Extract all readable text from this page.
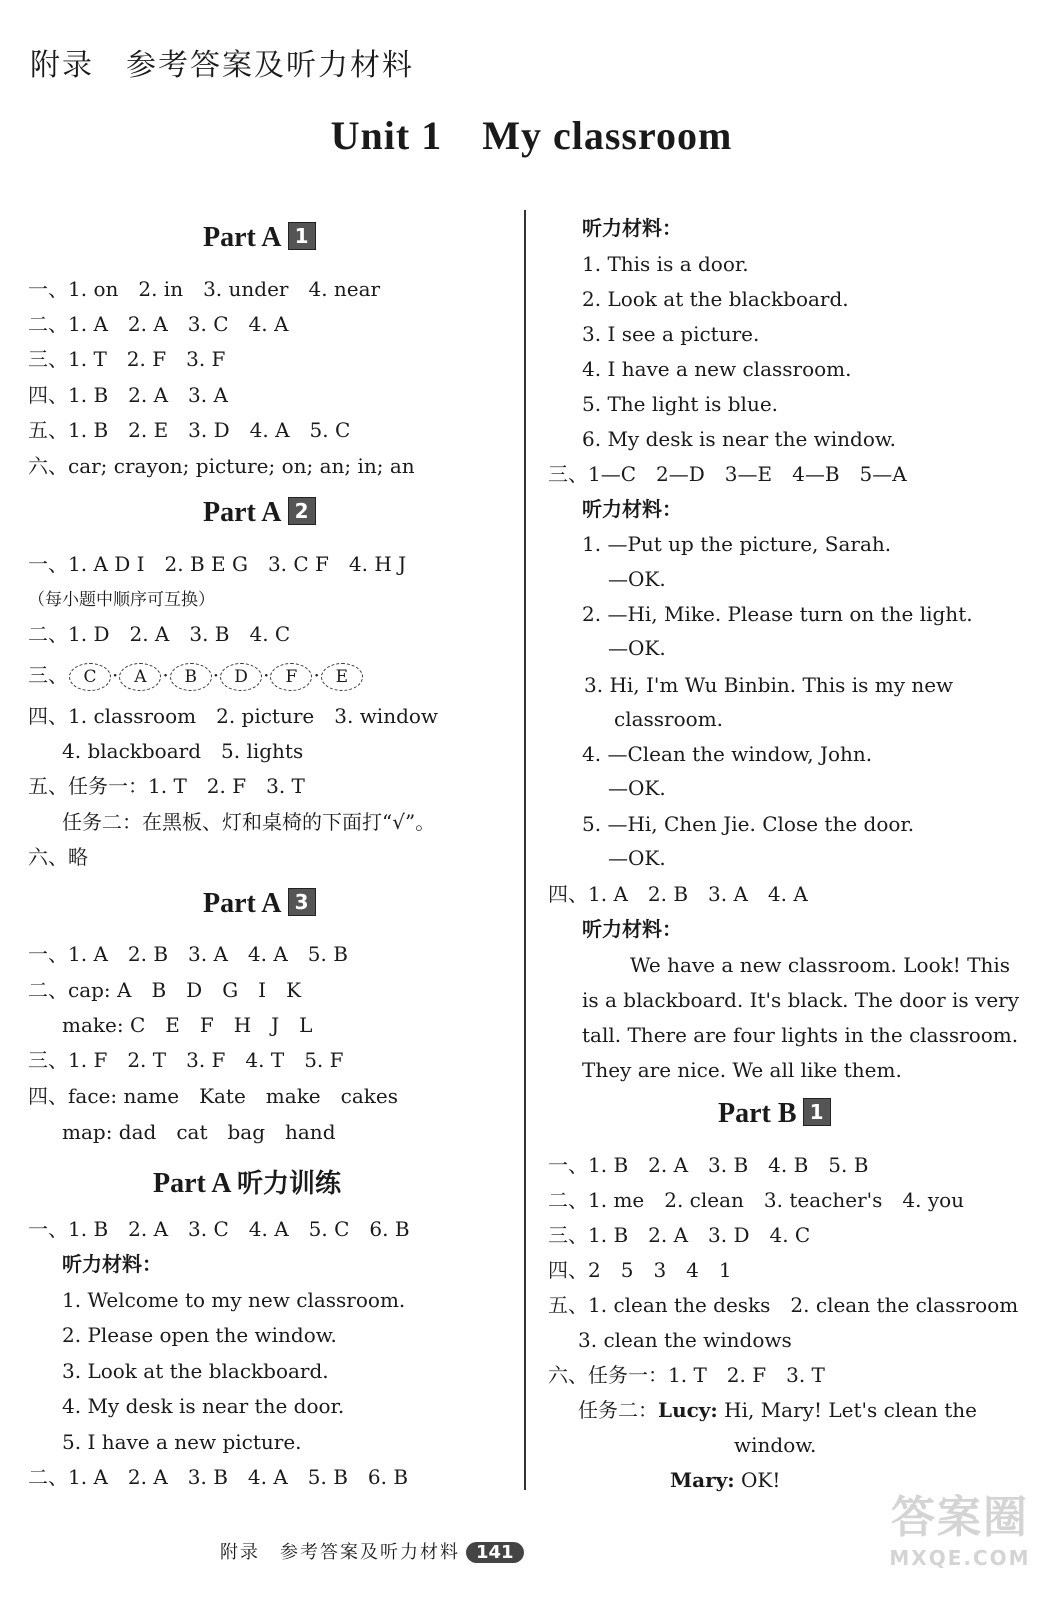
附录　参考答案及听力材料
Unit 1 My classroom
Part A 1
一、1. on　2. in　3. under　4. near
二、1. A　2. A　3. C　4. A
三、1. T　2. F　3. F
四、1. B　2. A　3. A
五、1. B　2. E　3. D　4. A　5. C
六、car; crayon; picture; on; an; in; an
Part A 2
一、1. A D I　2. B E G　3. C F　4. H J
（每小题中顺序可互换）
二、1. D　2. A　3. B　4. C
三、 C · A · B · D · F · E
四、1. classroom　2. picture　3. window
4. blackboard　5. lights
五、任务一：1. T　2. F　3. T
任务二：在黑板、灯和桌椅的下面打“√”。
六、略
Part A 3
一、1. A　2. B　3. A　4. A　5. B
二、cap: A　B　D　G　I　K
make: C　E　F　H　J　L
三、1. F　2. T　3. F　4. T　5. F
四、face: name　Kate　make　cakes
map: dad　cat　bag　hand
Part A 听力训练
一、1. B　2. A　3. C　4. A　5. C　6. B
听力材料：
1. Welcome to my new classroom.
2. Please open the window.
3. Look at the blackboard.
4. My desk is near the door.
5. I have a new picture.
二、1. A　2. A　3. B　4. A　5. B　6. B
听力材料：
1. This is a door.
2. Look at the blackboard.
3. I see a picture.
4. I have a new classroom.
5. The light is blue.
6. My desk is near the window.
三、1—C　2—D　3—E　4—B　5—A
听力材料：
1. —Put up the picture, Sarah.
—OK.
2. —Hi, Mike. Please turn on the light.
—OK.
3. Hi, I'm Wu Binbin. This is my new
classroom.
4. —Clean the window, John.
—OK.
5. —Hi, Chen Jie. Close the door.
—OK.
四、1. A　2. B　3. A　4. A
听力材料：
We have a new classroom. Look! This
is a blackboard. It's black. The door is very
tall. There are four lights in the classroom.
They are nice. We all like them.
Part B 1
一、1. B　2. A　3. B　4. B　5. B
二、1. me　2. clean　3. teacher's　4. you
三、1. B　2. A　3. D　4. C
四、2　5　3　4　1
五、1. clean the desks　2. clean the classroom
3. clean the windows
六、任务一：1. T　2. F　3. T
任务二：Lucy: Hi, Mary! Let's clean the
window.
Mary: OK!
附录　参考答案及听力材料 141
答案圈
MXQE.COM
